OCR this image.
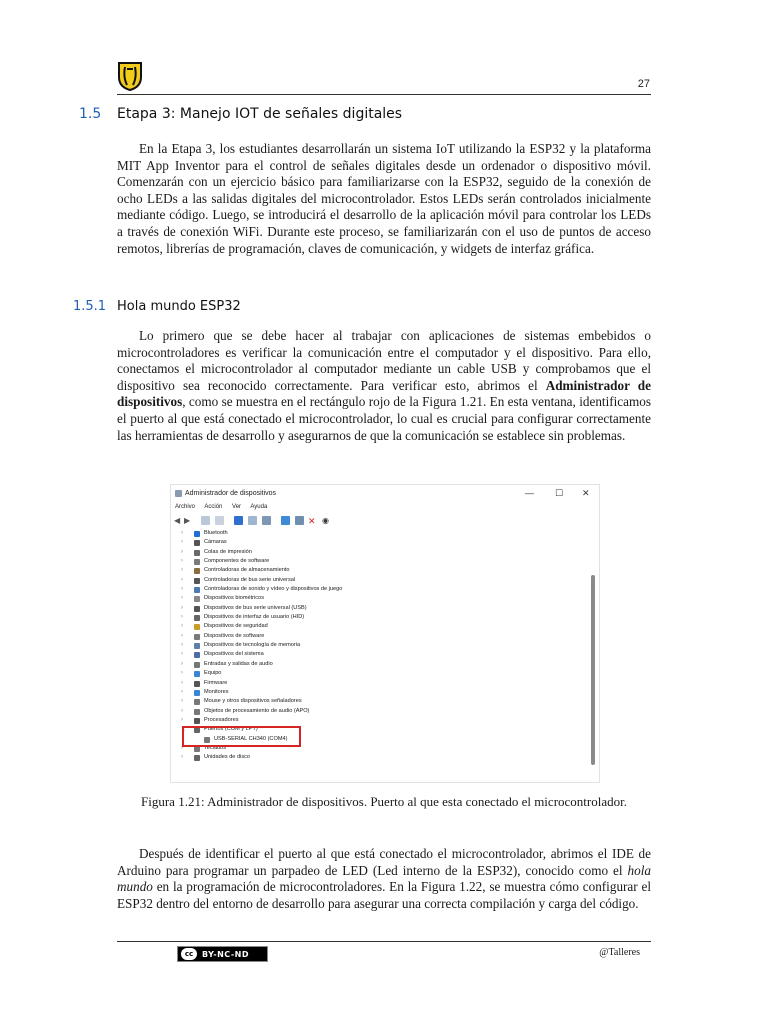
27
1.5 Etapa 3: Manejo IOT de señales digitales

En la Etapa 3, los estudiantes desarrollarán un sistema IoT utilizando la ESP32 y la plataforma MIT App Inventor para el control de señales digitales desde un ordenador o dispositivo móvil. Comenzarán con un ejercicio básico para familiarizarse con la ESP32, seguido de la conexión de ocho LEDs a las salidas digitales del microcontrolador. Estos LEDs serán controlados inicialmente mediante código. Luego, se introducirá el desarrollo de la aplicación móvil para controlar los LEDs a través de conexión WiFi. Durante este proceso, se familiarizarán con el uso de puntos de acceso remotos, librerías de programación, claves de comunicación, y widgets de interfaz gráfica.

1.5.1 Hola mundo ESP32

Lo primero que se debe hacer al trabajar con aplicaciones de sistemas embebidos o microcontroladores es verificar la comunicación entre el computador y el dispositivo. Para ello, conectamos el microcontrolador al computador mediante un cable USB y comprobamos que el dispositivo sea reconocido correctamente. Para verificar esto, abrimos el Administrador de dispositivos, como se muestra en el rectángulo rojo de la Figura 1.21. En esta ventana, identificamos el puerto al que está conectado el microcontrolador, lo cual es crucial para configurar correctamente las herramientas de desarrollo y asegurarnos de que la comunicación se establece sin problemas.

Administrador de dispositivos	— ☐ ✕
Archivo Acción Ver Ayuda
◀ ▶	✕ ◉
›	Bluetooth
›	Cámaras
›	Colas de impresión
›	Componentes de software
›	Controladoras de almacenamiento
›	Controladoras de bus serie universal
›	Controladoras de sonido y vídeo y dispositivos de juego
›	Dispositivos biométricos
›	Dispositivos de bus serie universal (USB)
›	Dispositivos de interfaz de usuario (HID)
›	Dispositivos de seguridad
›	Dispositivos de software
›	Dispositivos de tecnología de memoria
›	Dispositivos del sistema
›	Entradas y salidas de audio
›	Equipo
›	Firmware
›	Monitores
›	Mouse y otros dispositivos señaladores
›	Objetos de procesamiento de audio (APO)
›	Procesadores
⌄	Puertos (COM y LPT)
USB-SERIAL CH340 (COM4)
›	Teclados
›	Unidades de disco
Figura 1.21: Administrador de dispositivos. Puerto al que esta conectado el microcontrolador.

Después de identificar el puerto al que está conectado el microcontrolador, abrimos el IDE de Arduino para programar un parpadeo de LED (Led interno de la ESP32), conocido como el hola mundo en la programación de microcontroladores. En la Figura 1.22, se muestra cómo configurar el ESP32 dentro del entorno de desarrollo para asegurar una correcta compilación y carga del código.

cc	BY-NC-ND	@Talleres
